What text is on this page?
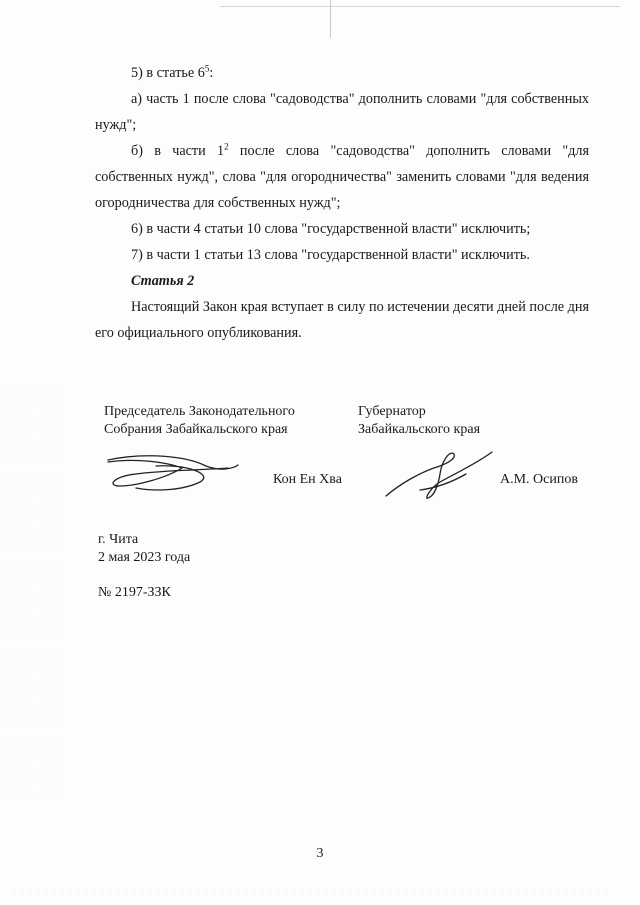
5) в статье $6^5$:

а) часть 1 после слова "садоводства" дополнить словами "для собственных нужд";

б) в части $1^2$ после слова "садоводства" дополнить словами "для собственных нужд", слова "для огородничества" заменить словами "для ведения огородничества для собственных нужд";

6) в части 4 статьи 10 слова "государственной власти" исключить;

7) в части 1 статьи 13 слова "государственной власти" исключить.

Статья 2

Настоящий Закон края вступает в силу по истечении десяти дней после дня его официального опубликования.

Председатель Законодательного
Собрания Забайкальского края
Губернатор
Забайкальского края
Кон Ен Хва	А.М. Осипов
г. Чита
2 мая 2023 года
№ 2197-ЗЗК
3
